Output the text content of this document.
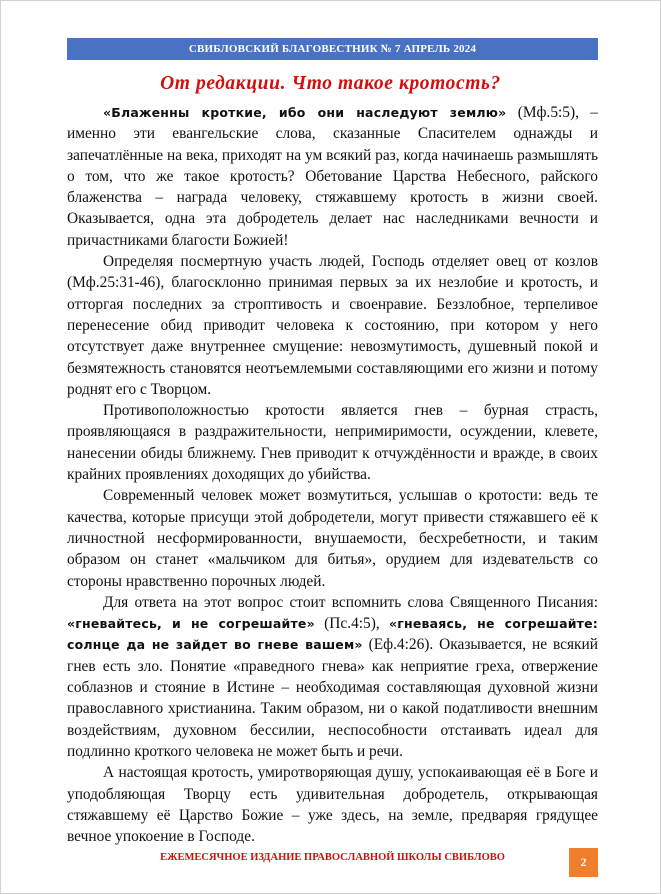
СВИБЛОВСКИЙ БЛАГОВЕСТНИК № 7 АПРЕЛЬ 2024
От редакции. Что такое кротость?

«Блаженны кроткие, ибо они наследуют землю» (Мф.5:5), – именно эти евангельские слова, сказанные Спасителем однажды и запечатлённые на века, приходят на ум всякий раз, когда начинаешь размышлять о том, что же такое кротость? Обетование Царства Небесного, райского блаженства – награда человеку, стяжавшему кротость в жизни своей. Оказывается, одна эта добродетель делает нас наследниками вечности и причастниками благости Божией!

Определяя посмертную участь людей, Господь отделяет овец от козлов (Мф.25:31-46), благосклонно принимая первых за их незлобие и кротость, и отторгая последних за строптивость и своенравие. Беззлобное, терпеливое перенесение обид приводит человека к состоянию, при котором у него отсутствует даже внутреннее смущение: невозмутимость, душевный покой и безмятежность становятся неотъемлемыми составляющими его жизни и потому роднят его с Творцом.

Противоположностью кротости является гнев – бурная страсть, проявляющаяся в раздражительности, непримиримости, осуждении, клевете, нанесении обиды ближнему. Гнев приводит к отчуждённости и вражде, в своих крайних проявлениях доходящих до убийства.

Современный человек может возмутиться, услышав о кротости: ведь те качества, которые присущи этой добродетели, могут привести стяжавшего её к личностной несформированности, внушаемости, бесхребетности, и таким образом он станет «мальчиком для битья», орудием для издевательств со стороны нравственно порочных людей.

Для ответа на этот вопрос стоит вспомнить слова Священного Писания: «гневайтесь, и не согрешайте» (Пс.4:5), «гневаясь, не согрешайте: солнце да не зайдет во гневе вашем» (Еф.4:26). Оказывается, не всякий гнев есть зло. Понятие «праведного гнева» как неприятие греха, отвержение соблазнов и стояние в Истине – необходимая составляющая духовной жизни православного христианина. Таким образом, ни о какой податливости внешним воздействиям, духовном бессилии, неспособности отстаивать идеал для подлинно кроткого человека не может быть и речи.

А настоящая кротость, умиротворяющая душу, успокаивающая её в Боге и уподобляющая Творцу есть удивительная добродетель, открывающая стяжавшему её Царство Божие – уже здесь, на земле, предваряя грядущее вечное упокоение в Господе.

ЕЖЕМЕСЯЧНОЕ ИЗДАНИЕ ПРАВОСЛАВНОЙ ШКОЛЫ СВИБЛОВО	2
